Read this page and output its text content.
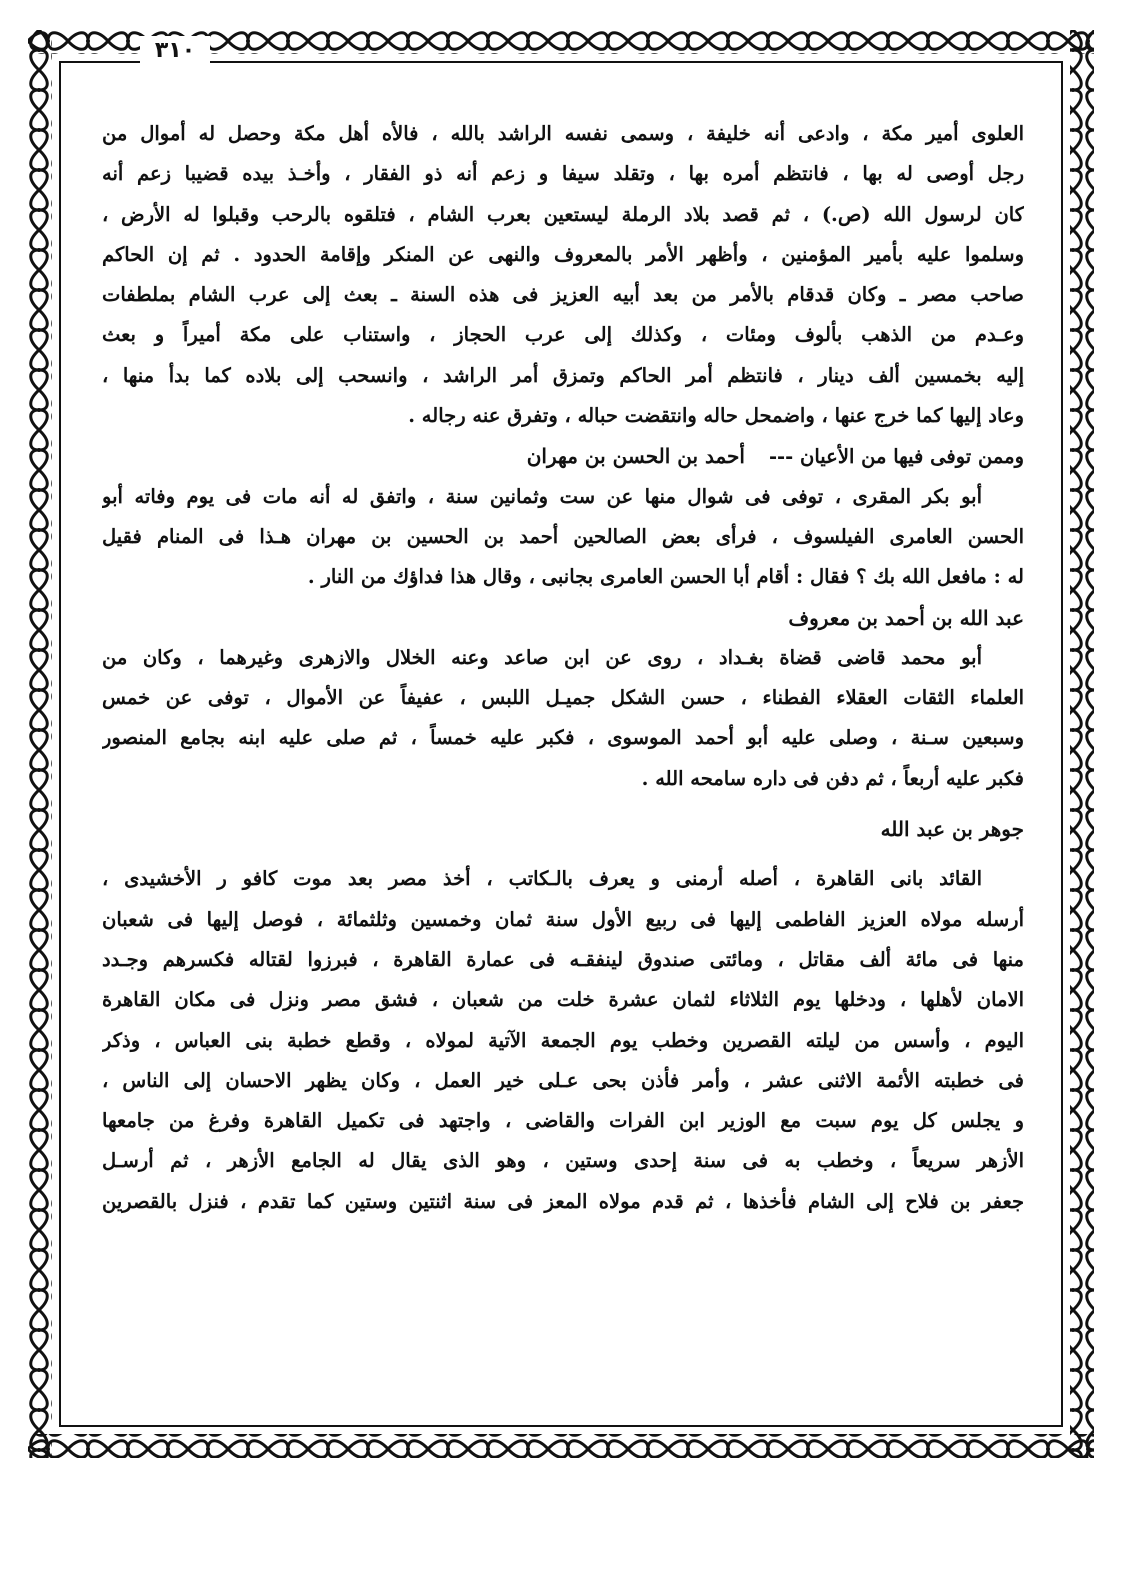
٣١٠
العلوى أمير مكة ، وادعى أنه خليفة ، وسمى نفسه الراشد بالله ، فالأه أهل مكة وحصل له أموال من
رجل أوصى له بها ، فانتظم أمره بها ، وتقلد سيفا و زعم أنه ذو الفقار ، وأخـذ بيده قضيبا زعم أنه
كان لرسول الله (ص.) ، ثم قصد بلاد الرملة ليستعين بعرب الشام ، فتلقوه بالرحب وقبلوا له الأرض ،
وسلموا عليه بأمير المؤمنين ، وأظهر الأمر بالمعروف والنهى عن المنكر وإقامة الحدود . ثم إن الحاكم
صاحب مصر ـ وكان قدقام بالأمر من بعد أبيه العزيز فى هذه السنة ـ بعث إلى عرب الشام بملطفات
وعـدم من الذهب بألوف ومئات ، وكذلك إلى عرب الحجاز ، واستناب على مكة أميراً و بعث
إليه بخمسين ألف دينار ، فانتظم أمر الحاكم وتمزق أمر الراشد ، وانسحب إلى بلاده كما بدأ منها ،
وعاد إليها كما خرج عنها ، واضمحل حاله وانتقضت حباله ، وتفرق عنه رجاله .
وممن توفى فيها من الأعيان ---أحمد بن الحسن بن مهران
أبو بكر المقرى ، توفى فى شوال منها عن ست وثمانين سنة ، واتفق له أنه مات فى يوم وفاته أبو
الحسن العامرى الفيلسوف ، فرأى بعض الصالحين أحمد بن الحسين بن مهران هـذا فى المنام فقيل
له : مافعل الله بك ؟ فقال : أقام أبا الحسن العامرى بجانبى ، وقال هذا فداؤك من النار .
عبد الله بن أحمد بن معروف
أبو محمد قاضى قضاة بغـداد ، روى عن ابن صاعد وعنه الخلال والازهرى وغيرهما ، وكان من
العلماء الثقات العقلاء الفطناء ، حسن الشكل جميـل اللبس ، عفيفاً عن الأموال ، توفى عن خمس
وسبعين سـنة ، وصلى عليه أبو أحمد الموسوى ، فكبر عليه خمساً ، ثم صلى عليه ابنه بجامع المنصور
فكبر عليه أربعاً ، ثم دفن فى داره سامحه الله .
جوهر بن عبد الله
القائد بانى القاهرة ، أصله أرمنى و يعرف بالـكاتب ، أخذ مصر بعد موت كافو ر الأخشيدى ،
أرسله مولاه العزيز الفاطمى إليها فى ربيع الأول سنة ثمان وخمسين وثلثمائة ، فوصل إليها فى شعبان
منها فى مائة ألف مقاتل ، ومائتى صندوق لينفقـه فى عمارة القاهرة ، فبرزوا لقتاله فكسرهم وجـدد
الامان لأهلها ، ودخلها يوم الثلاثاء لثمان عشرة خلت من شعبان ، فشق مصر ونزل فى مكان القاهرة
اليوم ، وأسس من ليلته القصرين وخطب يوم الجمعة الآتية لمولاه ، وقطع خطبة بنى العباس ، وذكر
فى خطبته الأئمة الاثنى عشر ، وأمر فأذن بحى عـلى خير العمل ، وكان يظهر الاحسان إلى الناس ،
و يجلس كل يوم سبت مع الوزير ابن الفرات والقاضى ، واجتهد فى تكميل القاهرة وفرغ من جامعها
الأزهر سريعاً ، وخطب به فى سنة إحدى وستين ، وهو الذى يقال له الجامع الأزهر ، ثم أرسـل
جعفر بن فلاح إلى الشام فأخذها ، ثم قدم مولاه المعز فى سنة اثنتين وستين كما تقدم ، فنزل بالقصرين
